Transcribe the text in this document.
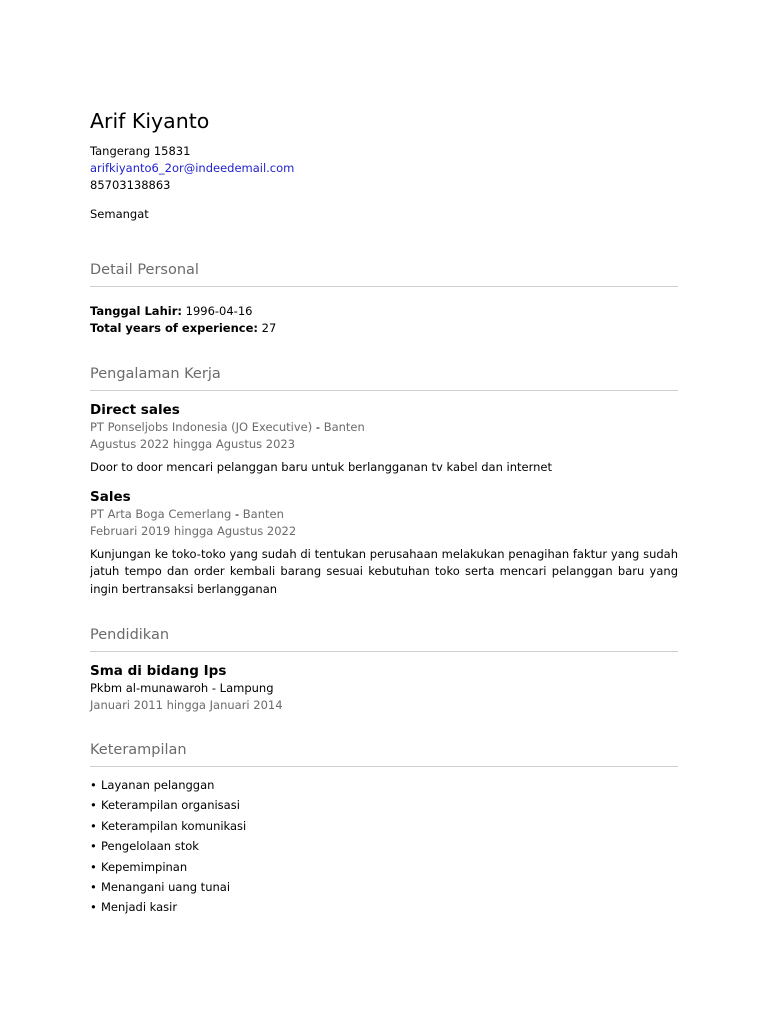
Arif Kiyanto
Tangerang 15831
arifkiyanto6_2or@indeedemail.com
85703138863
Semangat
Detail Personal
Tanggal Lahir: 1996-04-16
Total years of experience: 27
Pengalaman Kerja
Direct sales
PT Ponseljobs Indonesia (JO Executive) - Banten
Agustus 2022 hingga Agustus 2023
Door to door mencari pelanggan baru untuk berlangganan tv kabel dan internet
Sales
PT Arta Boga Cemerlang - Banten
Februari 2019 hingga Agustus 2022
Kunjungan ke toko-toko yang sudah di tentukan perusahaan melakukan penagihan faktur yang sudah jatuh tempo dan order kembali barang sesuai kebutuhan toko serta mencari pelanggan baru yang ingin bertransaksi berlangganan
Pendidikan
Sma di bidang Ips
Pkbm al-munawaroh - Lampung
Januari 2011 hingga Januari 2014
Keterampilan
• Layanan pelanggan
• Keterampilan organisasi
• Keterampilan komunikasi
• Pengelolaan stok
• Kepemimpinan
• Menangani uang tunai
• Menjadi kasir
